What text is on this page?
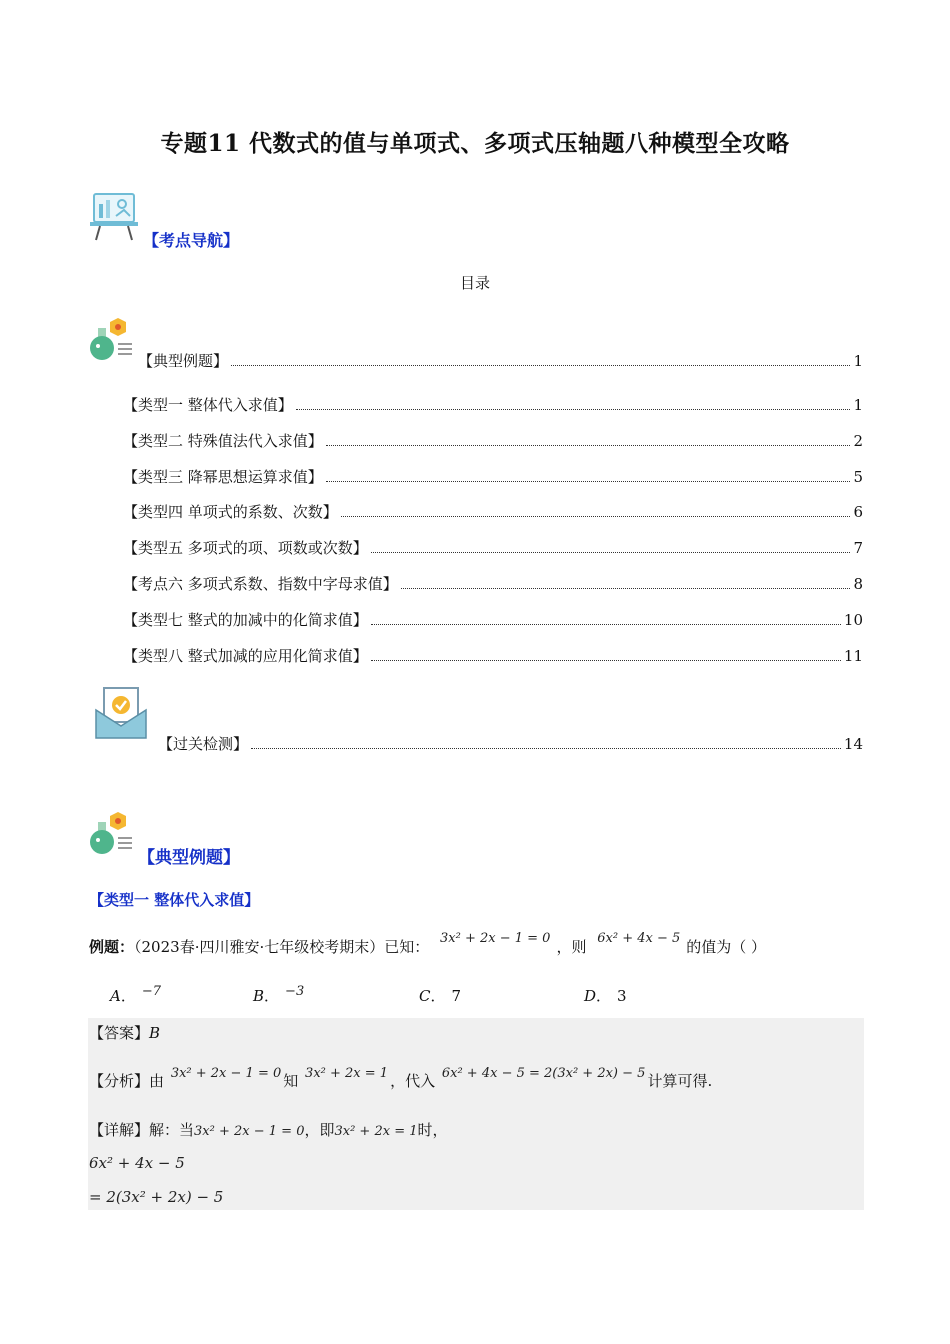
专题11 代数式的值与单项式、多项式压轴题八种模型全攻略
【考点导航】
目录
【典型例题】	1
【类型一 整体代入求值】	1
【类型二 特殊值法代入求值】	2
【类型三 降幂思想运算求值】	5
【类型四 单项式的系数、次数】	6
【类型五 多项式的项、项数或次数】	7
【考点六 多项式系数、指数中字母求值】	8
【类型七 整式的加减中的化简求值】	10
【类型八 整式加减的应用化简求值】	11
【过关检测】	14
【典型例题】
【类型一 整体代入求值】
例题：（2023春·四川雅安·七年级校考期末）已知： 3x² + 2x − 1 = 0 ，则 6x² + 4x − 5 的值为（ ）
A． −7	B． −3	C． 7	D． 3
【答案】B
【分析】由 3x² + 2x − 1 = 0 知 3x² + 2x = 1 ，代入 6x² + 4x − 5 = 2(3x² + 2x) − 5 计算可得.
【详解】解：当3x² + 2x − 1 = 0，即3x² + 2x = 1时，
6x² + 4x − 5
= 2(3x² + 2x) − 5
